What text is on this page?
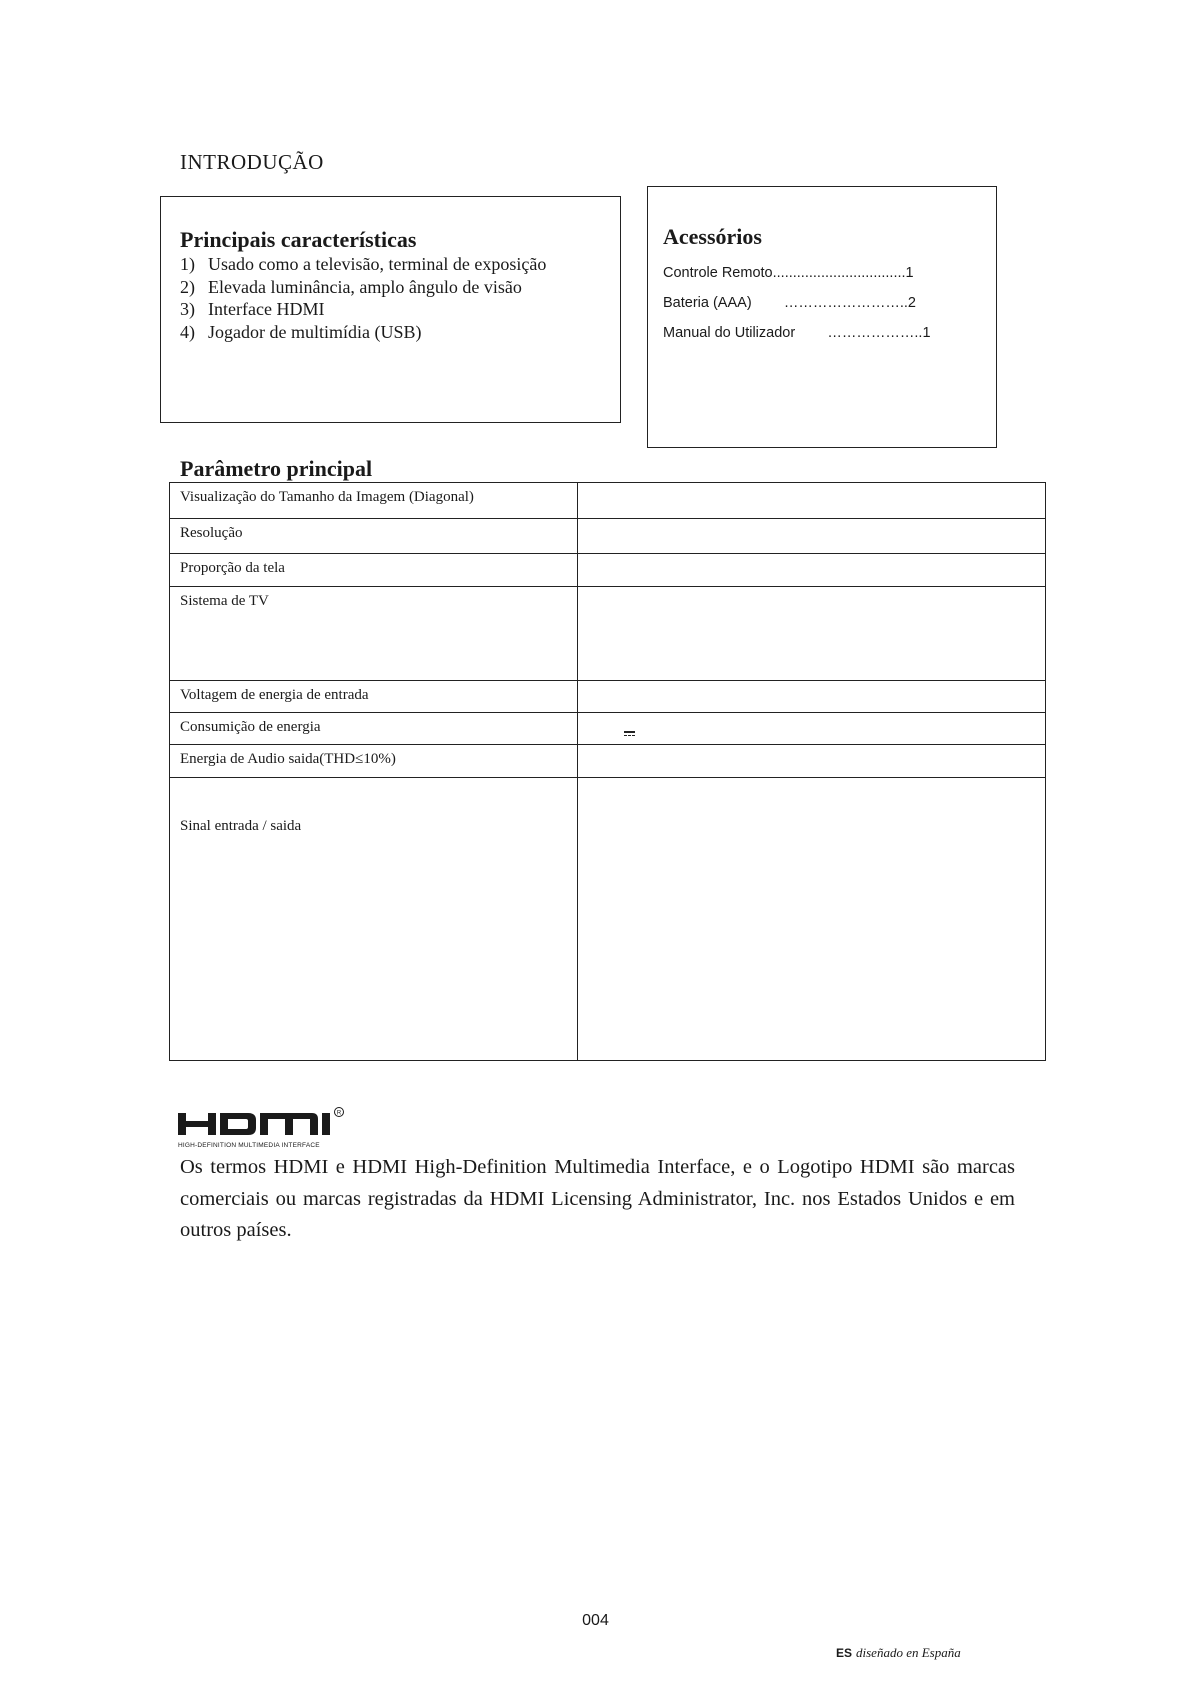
INTRODUÇÃO
Principais características
1) Usado como a televisão, terminal de exposição
2) Elevada luminância, amplo ângulo de visão
3) Interface HDMI
4) Jogador de multimídia (USB)
Acessórios
Controle Remoto.................................1
Bateria (AAA)        ……………………..2
Manual do Utilizador        ………………..1
Parâmetro principal
Visualização do Tamanho da Imagem (Diagonal)	
Resolução	
Proporção da tela	
Sistema de TV	
Voltagem de energia de entrada	
Consumição de energia	

Energia de Audio saida(THD≤10%)	
Sinal entrada / saida	
R
HIGH-DEFINITION MULTIMEDIA INTERFACE
Os termos HDMI e HDMI High-Definition Multimedia Interface, e o Logotipo HDMI são marcas comerciais ou marcas registradas da HDMI Licensing Administrator, Inc. nos Estados Unidos e em outros países.
004
ES diseñado en España
